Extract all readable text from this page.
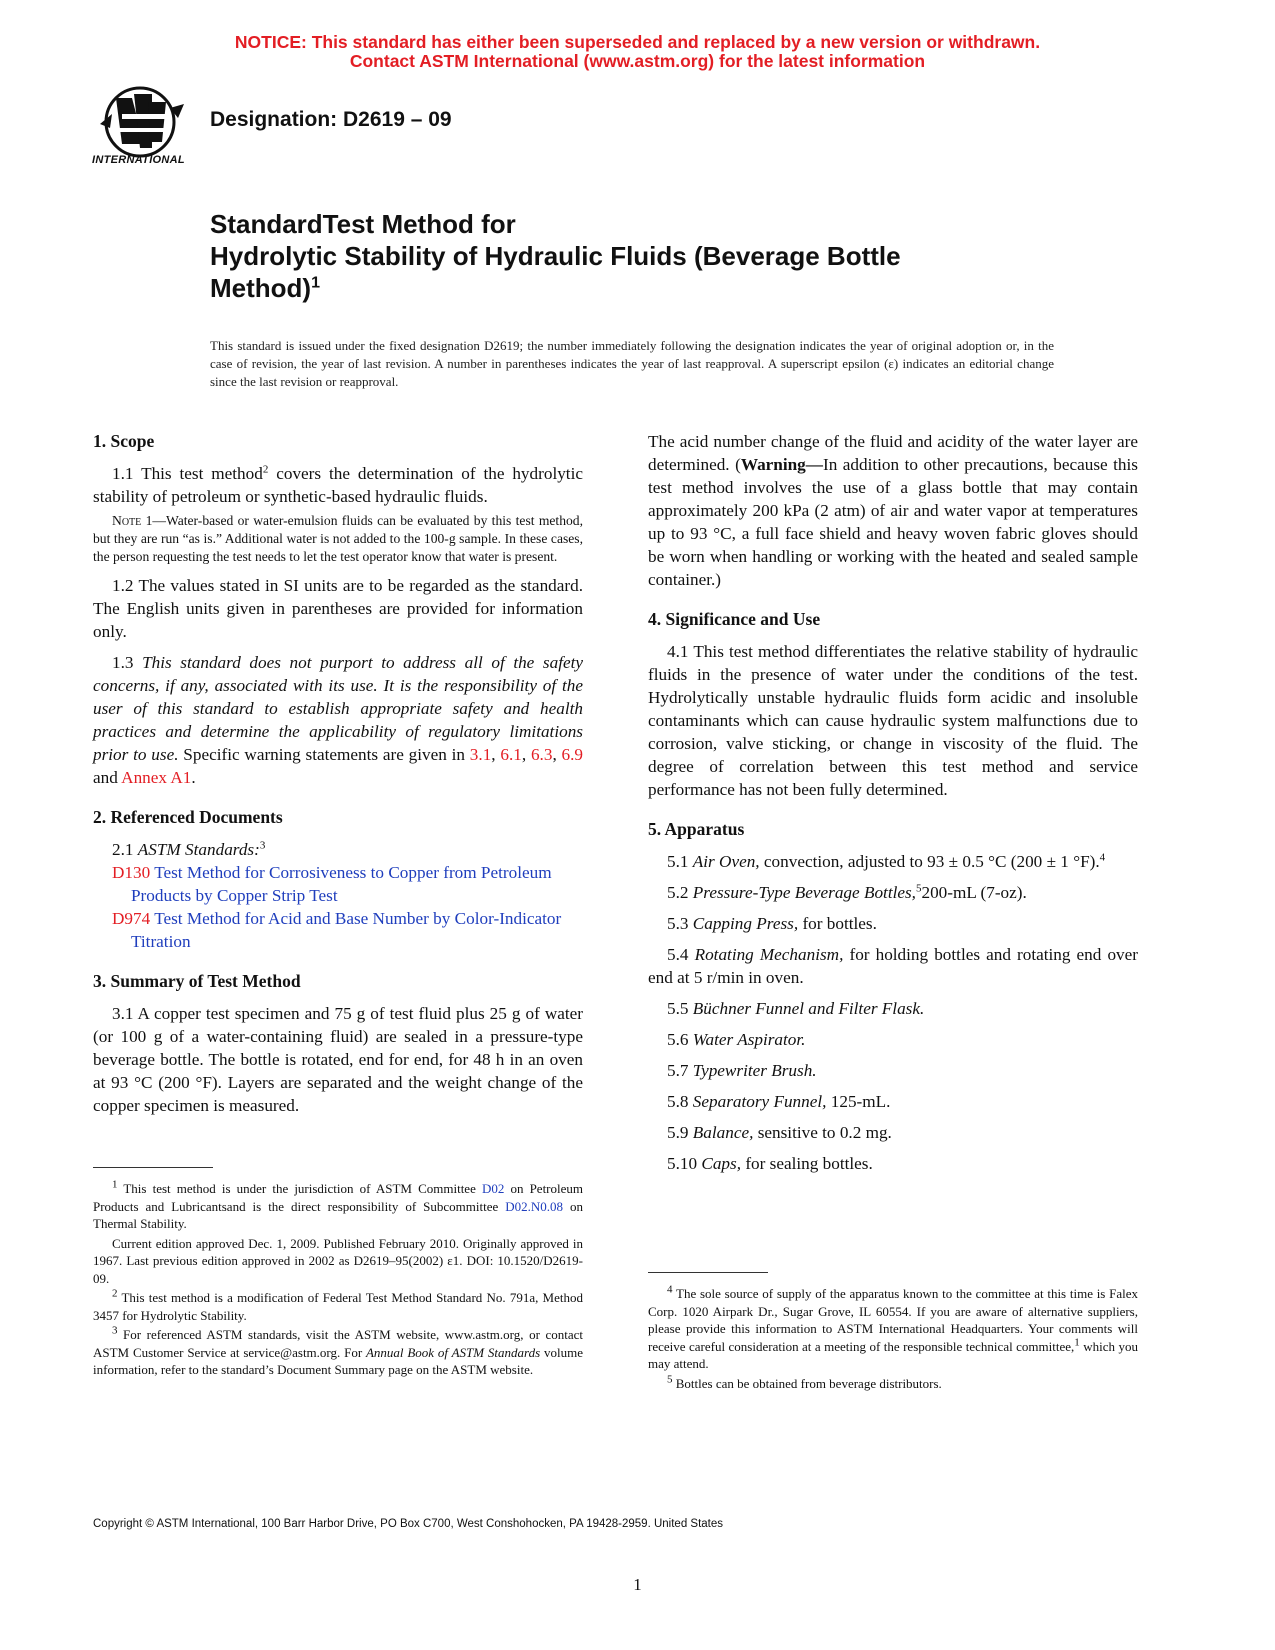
NOTICE: This standard has either been superseded and replaced by a new version or withdrawn.
Contact ASTM International (www.astm.org) for the latest information
INTERNATIONAL
Designation: D2619 – 09
StandardTest Method for
Hydrolytic Stability of Hydraulic Fluids (Beverage Bottle
Method)$^1$
This standard is issued under the fixed designation D2619; the number immediately following the designation indicates the year of original adoption or, in the case of revision, the year of last revision. A number in parentheses indicates the year of last reapproval. A superscript epsilon (ε) indicates an editorial change since the last revision or reapproval.
1. Scope

1.1 This test method$^2$ covers the determination of the hydrolytic stability of petroleum or synthetic-based hydraulic fluids.

Note 1—Water-based or water-emulsion fluids can be evaluated by this test method, but they are run “as is.” Additional water is not added to the 100-g sample. In these cases, the person requesting the test needs to let the test operator know that water is present.

1.2 The values stated in SI units are to be regarded as the standard. The English units given in parentheses are provided for information only.

1.3 This standard does not purport to address all of the safety concerns, if any, associated with its use. It is the responsibility of the user of this standard to establish appropriate safety and health practices and determine the applicability of regulatory limitations prior to use. Specific warning statements are given in 3.1, 6.1, 6.3, 6.9 and Annex A1.

2. Referenced Documents

2.1 ASTM Standards:$^3$

D130 Test Method for Corrosiveness to Copper from Petroleum Products by Copper Strip Test

D974 Test Method for Acid and Base Number by Color-Indicator Titration

3. Summary of Test Method

3.1 A copper test specimen and 75 g of test fluid plus 25 g of water (or 100 g of a water-containing fluid) are sealed in a pressure-type beverage bottle. The bottle is rotated, end for end, for 48 h in an oven at 93 °C (200 °F). Layers are separated and the weight change of the copper specimen is measured.

$^1$ This test method is under the jurisdiction of ASTM Committee D02 on Petroleum Products and Lubricantsand is the direct responsibility of Subcommittee D02.N0.08 on Thermal Stability.

Current edition approved Dec. 1, 2009. Published February 2010. Originally approved in 1967. Last previous edition approved in 2002 as D2619–95(2002) ε1. DOI: 10.1520/D2619-09.

$^2$ This test method is a modification of Federal Test Method Standard No. 791a, Method 3457 for Hydrolytic Stability.

$^3$ For referenced ASTM standards, visit the ASTM website, www.astm.org, or contact ASTM Customer Service at service@astm.org. For Annual Book of ASTM Standards volume information, refer to the standard’s Document Summary page on the ASTM website.

The acid number change of the fluid and acidity of the water layer are determined. (Warning—In addition to other precautions, because this test method involves the use of a glass bottle that may contain approximately 200 kPa (2 atm) of air and water vapor at temperatures up to 93 °C, a full face shield and heavy woven fabric gloves should be worn when handling or working with the heated and sealed sample container.)

4. Significance and Use

4.1 This test method differentiates the relative stability of hydraulic fluids in the presence of water under the conditions of the test. Hydrolytically unstable hydraulic fluids form acidic and insoluble contaminants which can cause hydraulic system malfunctions due to corrosion, valve sticking, or change in viscosity of the fluid. The degree of correlation between this test method and service performance has not been fully determined.

5. Apparatus

5.1 Air Oven, convection, adjusted to 93 ± 0.5 °C (200 ± 1 °F).$^4$

5.2 Pressure-Type Beverage Bottles,$^5$200-mL (7-oz).

5.3 Capping Press, for bottles.

5.4 Rotating Mechanism, for holding bottles and rotating end over end at 5 r/min in oven.

5.5 Büchner Funnel and Filter Flask.

5.6 Water Aspirator.

5.7 Typewriter Brush.

5.8 Separatory Funnel, 125-mL.

5.9 Balance, sensitive to 0.2 mg.

5.10 Caps, for sealing bottles.

$^4$ The sole source of supply of the apparatus known to the committee at this time is Falex Corp. 1020 Airpark Dr., Sugar Grove, IL 60554. If you are aware of alternative suppliers, please provide this information to ASTM International Headquarters. Your comments will receive careful consideration at a meeting of the responsible technical committee,$^1$ which you may attend.

$^5$ Bottles can be obtained from beverage distributors.

Copyright © ASTM International, 100 Barr Harbor Drive, PO Box C700, West Conshohocken, PA 19428-2959. United States
1
